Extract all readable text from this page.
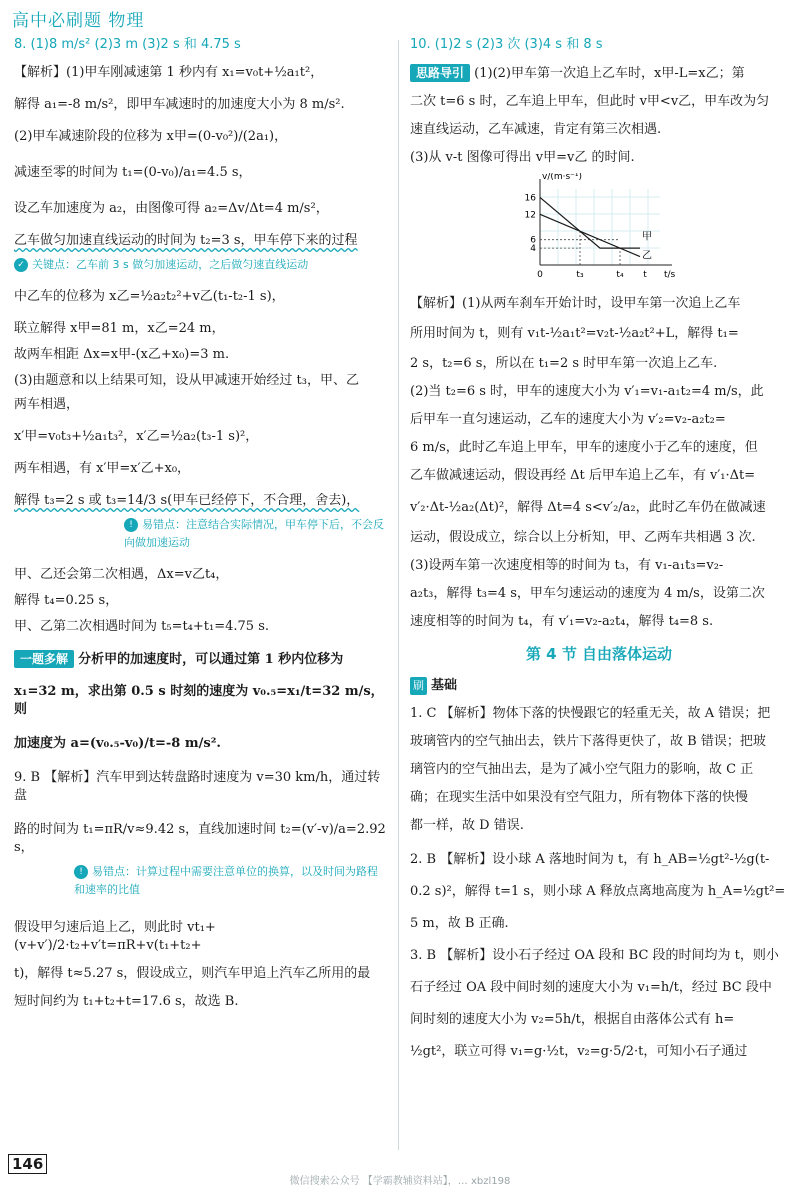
高中必刷题 物理

8. (1)8 m/s² (2)3 m (3)2 s 和 4.75 s

【解析】(1)甲车刚减速第 1 秒内有 x₁=v₀t+½a₁t²，

解得 a₁=-8 m/s²，即甲车减速时的加速度大小为 8 m/s².

(2)甲车减速阶段的位移为 x甲=(0-v₀²)/(2a₁)，

减速至零的时间为 t₁=(0-v₀)/a₁=4.5 s，

设乙车加速度为 a₂，由图像可得 a₂=Δv/Δt=4 m/s²，

乙车做匀加速直线运动的时间为 t₂=3 s，甲车停下来的过程

✓ 关键点：乙车前 3 s 做匀加速运动，之后做匀速直线运动

中乙车的位移为 x乙=½a₂t₂²+v乙(t₁-t₂-1 s)，

联立解得 x甲=81 m，x乙=24 m，

故两车相距 Δx=x甲-(x乙+x₀)=3 m.

(3)由题意和以上结果可知，设从甲减速开始经过 t₃，甲、乙

两车相遇，

x′甲=v₀t₃+½a₁t₃²，x′乙=½a₂(t₃-1 s)²，

两车相遇，有 x′甲=x′乙+x₀，

解得 t₃=2 s 或 t₃=14/3 s(甲车已经停下，不合理，舍去)，

! 易错点：注意结合实际情况，甲车停下后，不会反向做加速运动

甲、乙还会第二次相遇，Δx=v乙t₄，

解得 t₄=0.25 s，

甲、乙第二次相遇时间为 t₅=t₄+t₁=4.75 s.

一题多解 分析甲的加速度时，可以通过第 1 秒内位移为

x₁=32 m，求出第 0.5 s 时刻的速度为 v₀.₅=x₁/t=32 m/s，则

加速度为 a=(v₀.₅-v₀)/t=-8 m/s².

9. B 【解析】汽车甲到达转盘路时速度为 v=30 km/h，通过转盘

路的时间为 t₁=πR/v≈9.42 s，直线加速时间 t₂=(v′-v)/a=2.92 s，

! 易错点：计算过程中需要注意单位的换算，以及时间为路程和速率的比值

假设甲匀速后追上乙，则此时 vt₁+(v+v′)/2·t₂+v′t=πR+v(t₁+t₂+

t)，解得 t≈5.27 s，假设成立，则汽车甲追上汽车乙所用的最

短时间约为 t₁+t₂+t=17.6 s，故选 B.

10. (1)2 s (2)3 次 (3)4 s 和 8 s

思路导引 (1)(2)甲车第一次追上乙车时，x甲-L=x乙；第

二次 t=6 s 时，乙车追上甲车，但此时 v甲<v乙，甲车改为匀

速直线运动，乙车减速，肯定有第三次相遇.

(3)从 v-t 图像可得出 v甲=v乙 的时间.

v/(m·s⁻¹)
t/s
16
12
6
4
0	t₃	t₄ t
甲
乙

【解析】(1)从两车刹车开始计时，设甲车第一次追上乙车

所用时间为 t，则有 v₁t-½a₁t²=v₂t-½a₂t²+L，解得 t₁=

2 s，t₂=6 s，所以在 t₁=2 s 时甲车第一次追上乙车.

(2)当 t₂=6 s 时，甲车的速度大小为 v′₁=v₁-a₁t₂=4 m/s，此

后甲车一直匀速运动，乙车的速度大小为 v′₂=v₂-a₂t₂=

6 m/s，此时乙车追上甲车，甲车的速度小于乙车的速度，但

乙车做减速运动，假设再经 Δt 后甲车追上乙车，有 v′₁·Δt=

v′₂·Δt-½a₂(Δt)²，解得 Δt=4 s<v′₂/a₂，此时乙车仍在做减速

运动，假设成立，综合以上分析知，甲、乙两车共相遇 3 次.

(3)设两车第一次速度相等的时间为 t₃，有 v₁-a₁t₃=v₂-

a₂t₃，解得 t₃=4 s，甲车匀速运动的速度为 4 m/s，设第二次

速度相等的时间为 t₄，有 v′₁=v₂-a₂t₄，解得 t₄=8 s.

第 4 节 自由落体运动

刷 基础

1. C 【解析】物体下落的快慢跟它的轻重无关，故 A 错误；把

玻璃管内的空气抽出去，铁片下落得更快了，故 B 错误；把玻

璃管内的空气抽出去，是为了减小空气阻力的影响，故 C 正

确；在现实生活中如果没有空气阻力，所有物体下落的快慢

都一样，故 D 错误.

2. B 【解析】设小球 A 落地时间为 t，有 h_AB=½gt²-½g(t-

0.2 s)²，解得 t=1 s，则小球 A 释放点离地高度为 h_A=½gt²=

5 m，故 B 正确.

3. B 【解析】设小石子经过 OA 段和 BC 段的时间均为 t，则小

石子经过 OA 段中间时刻的速度大小为 v₁=h/t，经过 BC 段中

间时刻的速度大小为 v₂=5h/t，根据自由落体公式有 h=

½gt²，联立可得 v₁=g·½t，v₂=g·5/2·t，可知小石子通过

146
微信搜索公众号 【学霸教辅资料站】，… xbzl198
